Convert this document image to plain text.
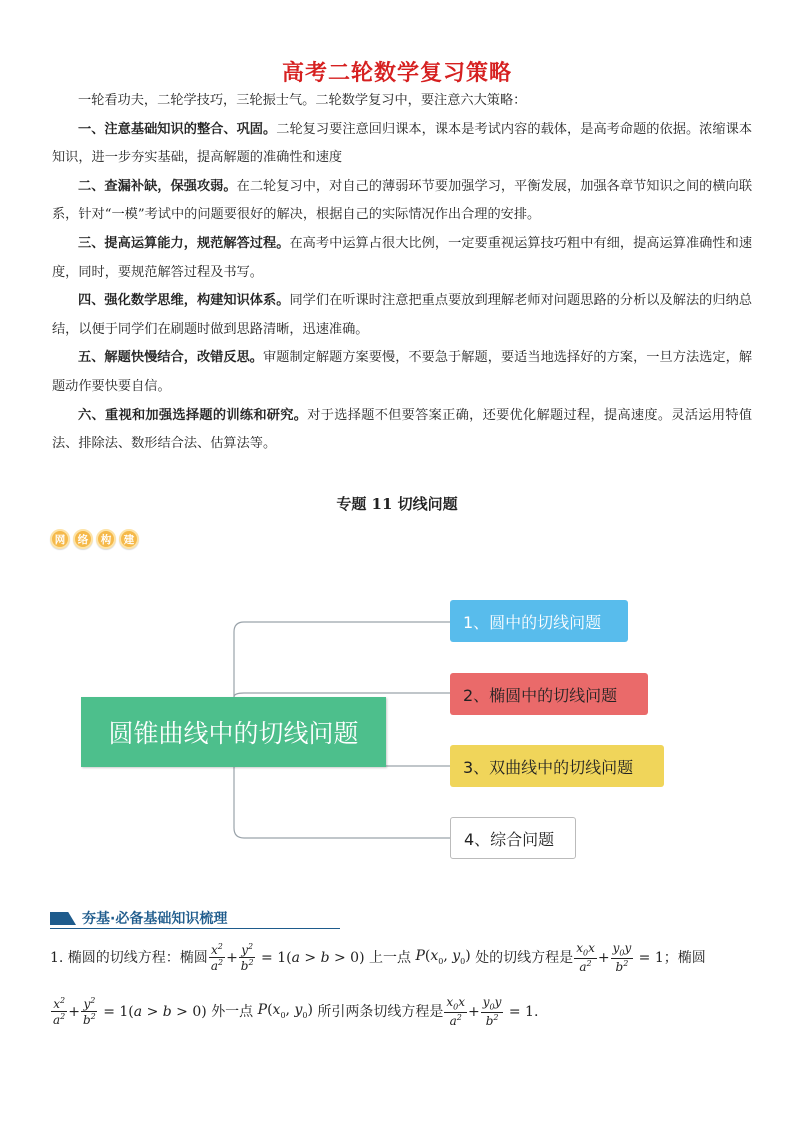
高考二轮数学复习策略

一轮看功夫，二轮学技巧，三轮振士气。二轮数学复习中，要注意六大策略：

一、注意基础知识的整合、巩固。二轮复习要注意回归课本，课本是考试内容的载体，是高考命题的依据。浓缩课本知识，进一步夯实基础，提高解题的准确性和速度

二、查漏补缺，保强攻弱。在二轮复习中，对自己的薄弱环节要加强学习，平衡发展，加强各章节知识之间的横向联系，针对“一模”考试中的问题要很好的解决，根据自己的实际情况作出合理的安排。

三、提高运算能力，规范解答过程。在高考中运算占很大比例，一定要重视运算技巧粗中有细，提高运算准确性和速度，同时，要规范解答过程及书写。

四、强化数学思维，构建知识体系。同学们在听课时注意把重点要放到理解老师对问题思路的分析以及解法的归纳总结，以便于同学们在刷题时做到思路清晰，迅速准确。

五、解题快慢结合，改错反思。审题制定解题方案要慢，不要急于解题，要适当地选择好的方案，一旦方法选定，解题动作要快要自信。

六、重视和加强选择题的训练和研究。对于选择题不但要答案正确，还要优化解题过程，提高速度。灵活运用特值法、排除法、数形结合法、估算法等。

专题 11 切线问题
网	络	构	建
圆锥曲线中的切线问题
1、圆中的切线问题
2、椭圆中的切线问题
3、双曲线中的切线问题
4、综合问题
夯基·必备基础知识梳理
1. 椭圆的切线方程：椭圆 $\frac{x^2}{a^2} + \frac{y^2}{b^2} = 1(a > b > 0)$ 上一点 $P(x_0$, $y_0$) 处的切线方程是 $\frac{x_0x}{a^2} + \frac{y_0y}{b^2} = 1$ ；椭圆
$\frac{x^2}{a^2} + \frac{y^2}{b^2} = 1(a > b > 0)$ 外一点 $P(x_0$, $y_0$) 所引两条切线方程是 $\frac{x_0x}{a^2} + \frac{y_0y}{b^2}$
= 1.
